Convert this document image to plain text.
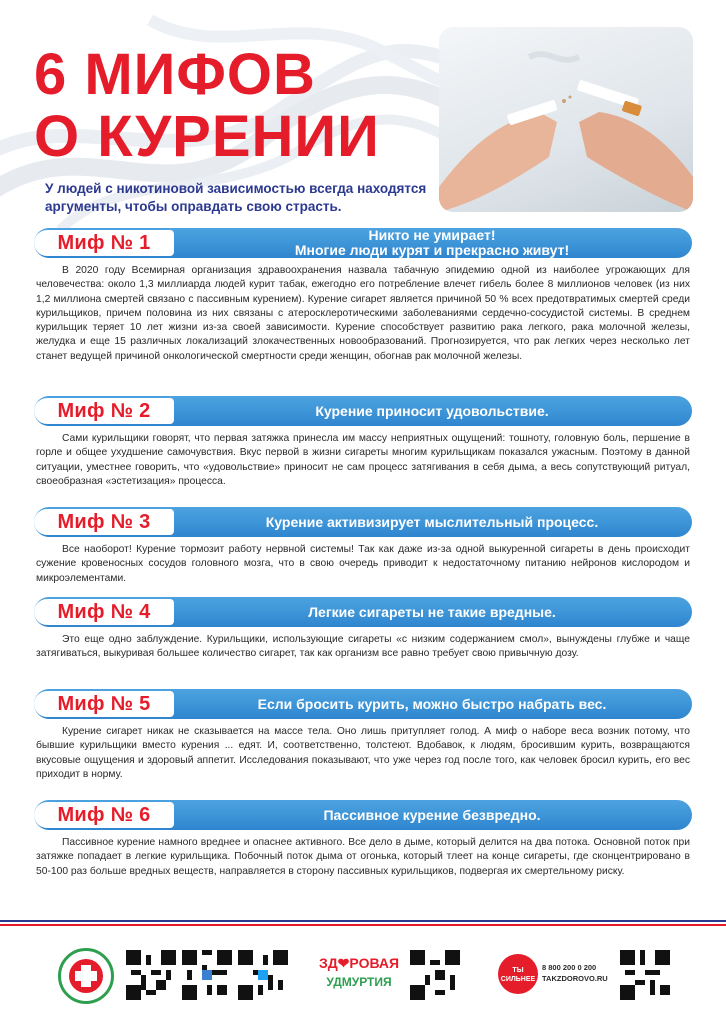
6 МИФОВ
О КУРЕНИИ
У людей с никотиновой зависимостью всегда находятся аргументы, чтобы оправдать свою страсть.
Миф № 1	Никто не умирает!
Многие люди курят и прекрасно живут!

В 2020 году Всемирная организация здравоохранения назвала табачную эпидемию одной из наиболее угрожающих для человечества: около 1,3 миллиарда людей курит табак, ежегодно его потребление влечет гибель более 8 миллионов человек (из них 1,2 миллиона смертей связано с пассивным курением). Курение сигарет является причиной 50 % всех предотвратимых смертей среди курильщиков, причем половина из них связаны с атеросклеротическими заболеваниями сердечно-сосудистой системы. В среднем курильщик теряет 10 лет жизни из-за своей зависимости. Курение способствует развитию рака легкого, рака молочной железы, желудка и еще 15 различных локализаций злокачественных новообразований. Прогнозируется, что рак легких через несколько лет станет ведущей причиной онкологической смертности среди женщин, обогнав рак молочной железы.

Миф № 2	Курение приносит удовольствие.

Сами курильщики говорят, что первая затяжка принесла им массу неприятных ощущений: тошноту, головную боль, першение в горле и общее ухудшение самочувствия. Вкус первой в жизни сигареты многим курильщикам показался ужасным. Поэтому в данной ситуации, уместнее говорить, что «удовольствие» приносит не сам процесс затягивания в себя дыма, а весь сопутствующий ритуал, своеобразная «эстетизация» процесса.

Миф № 3	Курение активизирует мыслительный процесс.

Все наоборот! Курение тормозит работу нервной системы! Так как даже из-за одной выкуренной сигареты в день происходит сужение кровеносных сосудов головного мозга, что в свою очередь приводит к недостаточному питанию нейронов кислородом и микроэлементами.

Миф № 4	Легкие сигареты не такие вредные.

Это еще одно заблуждение. Курильщики, использующие сигареты «с низким содержанием смол», вынуждены глубже и чаще затягиваться, выкуривая большее количество сигарет, так как организм все равно требует свою привычную дозу.

Миф № 5	Если бросить курить, можно быстро набрать вес.

Курение сигарет никак не сказывается на массе тела. Оно лишь притупляет голод. А миф о наборе веса возник потому, что бывшие курильщики вместо курения ... едят. И, соответственно, толстеют. Вдобавок, к людям, бросившим курить, возвращаются вкусовые ощущения и здоровый аппетит. Исследования показывают, что уже через год после того, как человек бросил курить, его вес приходит в норму.

Миф № 6	Пассивное курение безвредно.

Пассивное курение намного вреднее и опаснее активного. Все дело в дыме, который делится на два потока. Основной поток при затяжке попадает в легкие курильщика. Побочный поток дыма от огонька, который тлеет на конце сигареты, где сконцентрировано в 50-100 раз больше вредных веществ, направляется в сторону пассивных курильщиков, подвергая их смертельному риску.

ЗД❤РОВАЯ
УДМУРТИЯ
ТЫ СИЛЬНЕЕ
8 800 200 0 200
TAKZDOROVO.RU
